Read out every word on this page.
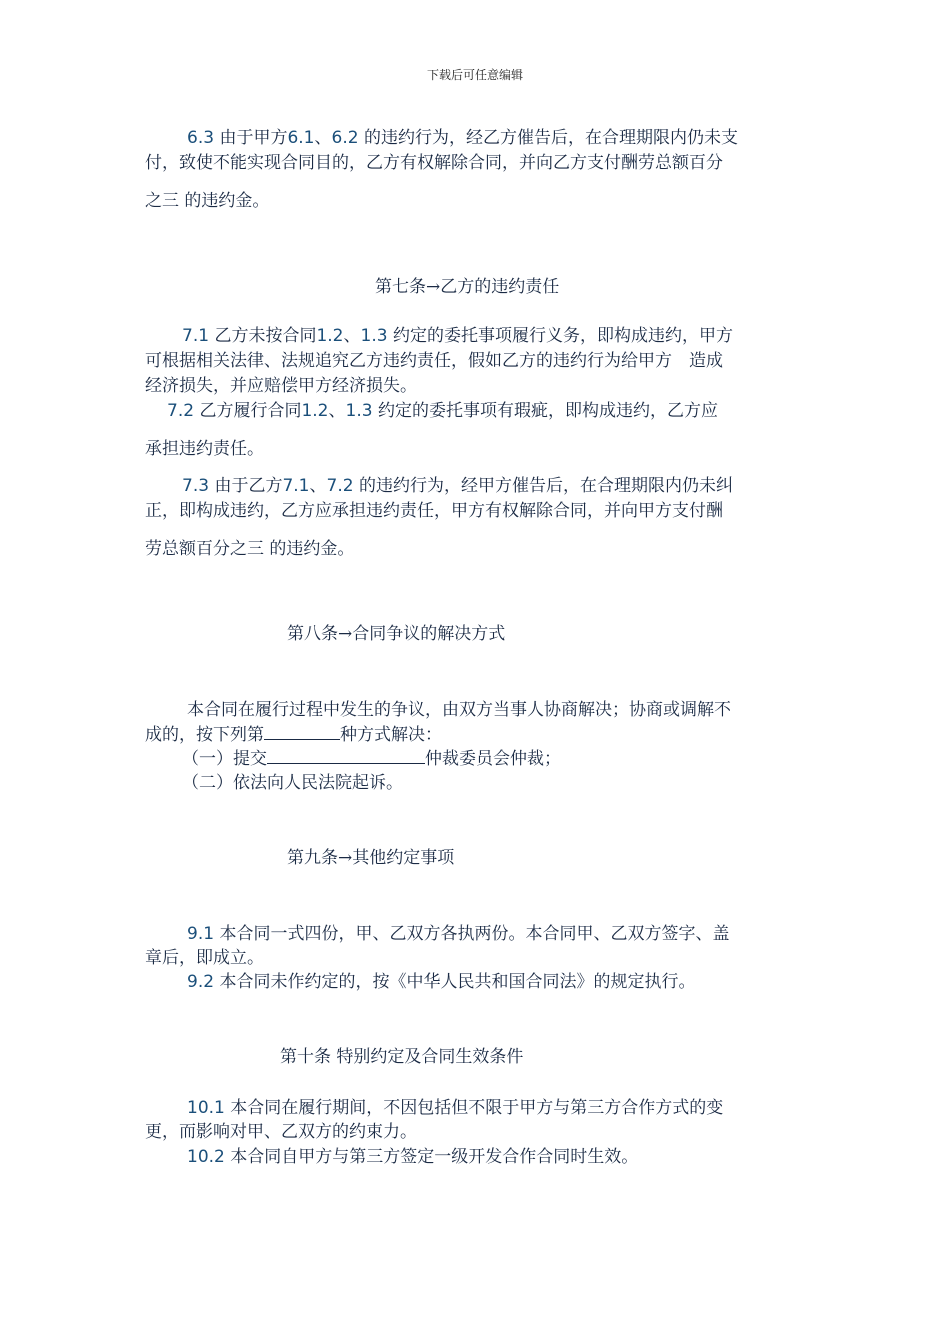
下载后可任意编辑
6.3 由于甲方6.1、6.2 的违约行为，经乙方催告后，在合理期限内仍未支
付，致使不能实现合同目的，乙方有权解除合同，并向乙方支付酬劳总额百分
之三 的违约金。
第七条→乙方的违约责任
7.1 乙方未按合同1.2、1.3 约定的委托事项履行义务，即构成违约，甲方
可根据相关法律、法规追究乙方违约责任，假如乙方的违约行为给甲方　造成
经济损失，并应赔偿甲方经济损失。
7.2 乙方履行合同1.2、1.3 约定的委托事项有瑕疵，即构成违约，乙方应
承担违约责任。
7.3 由于乙方7.1、7.2 的违约行为，经甲方催告后，在合理期限内仍未纠
正，即构成违约，乙方应承担违约责任，甲方有权解除合同，并向甲方支付酬
劳总额百分之三 的违约金。
第八条→合同争议的解决方式
本合同在履行过程中发生的争议，由双方当事人协商解决；协商或调解不
成的，按下列第	种方式解决：
（一）提交	仲裁委员会仲裁；
（二）依法向人民法院起诉。
第九条→其他约定事项
9.1 本合同一式四份，甲、乙双方各执两份。本合同甲、乙双方签字、盖
章后，即成立。
9.2 本合同未作约定的，按《中华人民共和国合同法》的规定执行。
第十条 特别约定及合同生效条件
10.1 本合同在履行期间，不因包括但不限于甲方与第三方合作方式的变
更，而影响对甲、乙双方的约束力。
10.2 本合同自甲方与第三方签定一级开发合作合同时生效。
